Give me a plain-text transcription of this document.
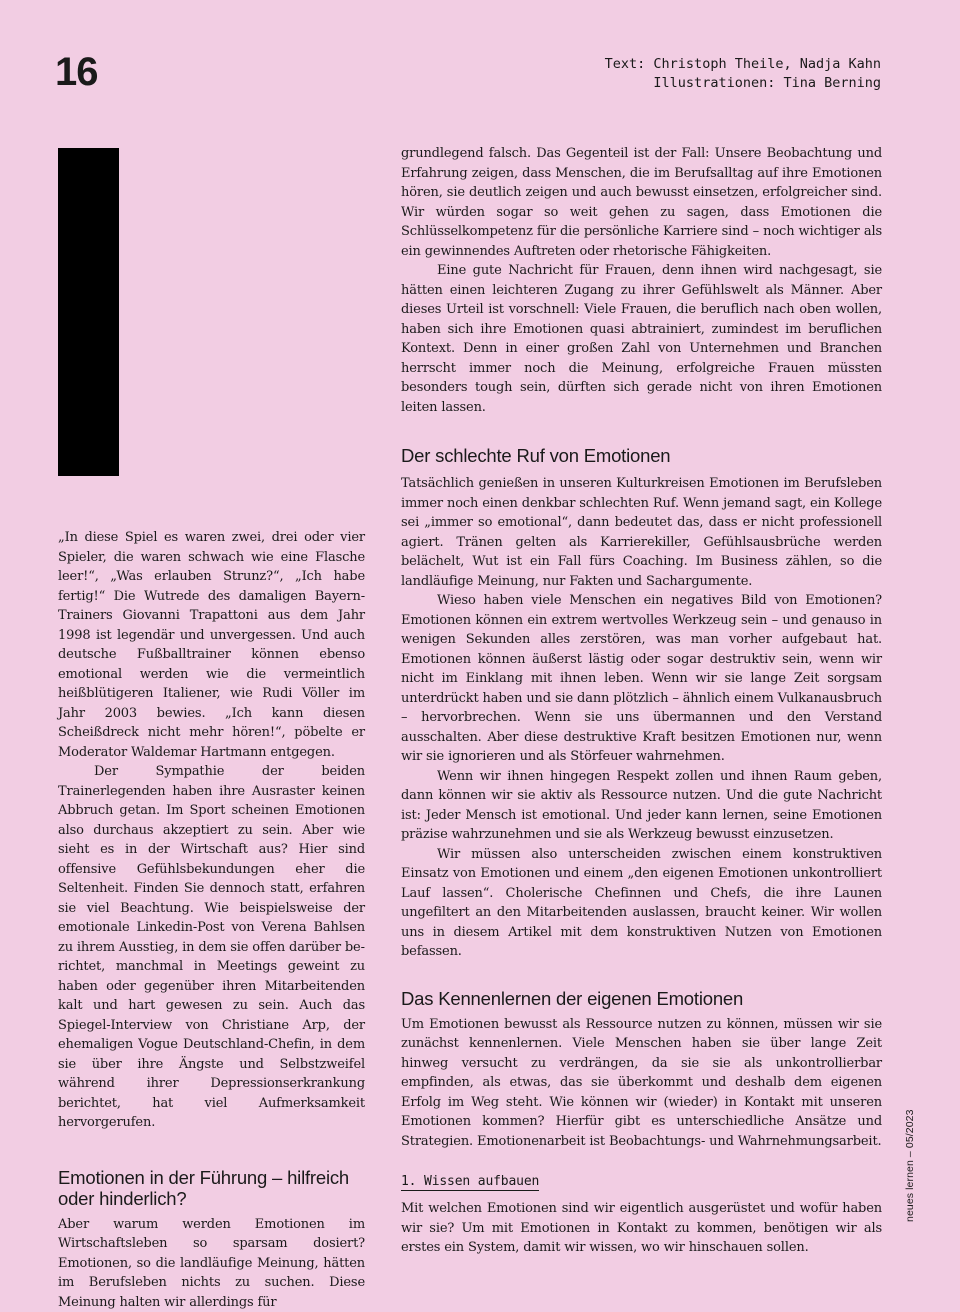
16	Text: Christoph Theile, Nadja Kahn
Illustrationen: Tina Berning

„In diese Spiel es waren zwei, drei oder vier Spieler, die waren schwach wie eine Flasche leer!“, „Was erlauben Strunz?“, „Ich habe fertig!“ Die Wutrede des damaligen Bayern-Trainers Giovanni Trapattoni aus dem Jahr 1998 ist legendär und unvergessen. Und auch deutsche Fußballtrainer können ebenso emotional werden wie die vermeintlich heißblütigeren Italiener, wie Rudi Völler im Jahr 2003 bewies. „Ich kann diesen Scheißdreck nicht mehr hören!“, pöbelte er Moderator Waldemar Hartmann entgegen.

Der Sympathie der beiden Trainerlegenden haben ihre Ausraster keinen Abbruch getan. Im Sport scheinen Emotionen also durchaus akzeptiert zu sein. Aber wie sieht es in der Wirtschaft aus? Hier sind offensive Gefühlsbekundungen eher die Seltenheit. Finden Sie dennoch statt, erfahren sie viel Beachtung. Wie beispielsweise der emotionale Linkedin-Post von Verena Bahlsen zu ihrem Ausstieg, in dem sie offen darüber berichtet, manchmal in Meetings geweint zu haben oder gegenüber ihren Mitarbeitenden kalt und hart gewesen zu sein. Auch das Spiegel-Interview von Christiane Arp, der ehemaligen Vogue Deutschland-Chefin, in dem sie über ihre Ängste und Selbstzweifel während ihrer Depressionserkrankung berichtet, hat viel Aufmerksamkeit hervorgerufen.

Emotionen in der Führung – hilfreich oder hinderlich?

Aber warum werden Emotionen im Wirtschaftsleben so sparsam dosiert? Emotionen, so die landläufige Meinung, hätten im Berufsleben nichts zu suchen. Diese Meinung halten wir allerdings für

grundlegend falsch. Das Gegenteil ist der Fall: Unsere Beobachtung und Erfahrung zeigen, dass Menschen, die im Berufsalltag auf ihre Emotionen hören, sie deutlich zeigen und auch bewusst einsetzen, erfolgreicher sind. Wir würden sogar so weit gehen zu sagen, dass Emotionen die Schlüsselkompetenz für die persönliche Karriere sind – noch wichtiger als ein gewinnendes Auftreten oder rhetorische Fähigkeiten.

Eine gute Nachricht für Frauen, denn ihnen wird nachgesagt, sie hätten einen leichteren Zugang zu ihrer Gefühlswelt als Männer. Aber dieses Urteil ist vorschnell: Viele Frauen, die beruflich nach oben wollen, haben sich ihre Emotionen quasi abtrainiert, zumindest im beruflichen Kontext. Denn in einer großen Zahl von Unternehmen und Branchen herrscht immer noch die Meinung, erfolgreiche Frauen müssten besonders tough sein, dürften sich gerade nicht von ihren Emotionen leiten lassen.

Der schlechte Ruf von Emotionen

Tatsächlich genießen in unseren Kulturkreisen Emotionen im Berufsleben immer noch einen denkbar schlechten Ruf. Wenn jemand sagt, ein Kollege sei „immer so emotional“, dann bedeutet das, dass er nicht professionell agiert. Tränen gelten als Karrierekiller, Gefühlsausbrüche werden belächelt, Wut ist ein Fall fürs Coaching. Im Business zählen, so die landläufige Meinung, nur Fakten und Sachargumente.

Wieso haben viele Menschen ein negatives Bild von Emotionen? Emotionen können ein extrem wertvolles Werkzeug sein – und genauso in wenigen Sekunden alles zerstören, was man vorher aufgebaut hat. Emotionen können äußerst lästig oder sogar destruktiv sein, wenn wir nicht im Einklang mit ihnen leben. Wenn wir sie lange Zeit sorgsam unterdrückt haben und sie dann plötzlich – ähnlich einem Vulkanausbruch – hervorbrechen. Wenn sie uns übermannen und den Verstand ausschalten. Aber diese destruktive Kraft besitzen Emotionen nur, wenn wir sie ignorieren und als Störfeuer wahrnehmen.

Wenn wir ihnen hingegen Respekt zollen und ihnen Raum geben, dann können wir sie aktiv als Ressource nutzen. Und die gute Nachricht ist: Jeder Mensch ist emotional. Und jeder kann lernen, seine Emotionen präzise wahrzunehmen und sie als Werkzeug bewusst einzusetzen.

Wir müssen also unterscheiden zwischen einem konstruktiven Einsatz von Emotionen und einem „den eigenen Emotionen unkontrolliert Lauf lassen“. Cholerische Chefinnen und Chefs, die ihre Launen ungefiltert an den Mitarbeitenden auslassen, braucht keiner. Wir wollen uns in diesem Artikel mit dem konstruktiven Nutzen von Emotionen befassen.

Das Kennenlernen der eigenen Emotionen

Um Emotionen bewusst als Ressource nutzen zu können, müssen wir sie zunächst kennenlernen. Viele Menschen haben sie über lange Zeit hinweg versucht zu verdrängen, da sie sie als unkontrollierbar empfinden, als etwas, das sie überkommt und deshalb dem eigenen Erfolg im Weg steht. Wie können wir (wieder) in Kontakt mit unseren Emotionen kommen? Hierfür gibt es unterschiedliche Ansätze und Strategien. Emotionenarbeit ist Beobachtungs- und Wahrnehmungsarbeit.

1. Wissen aufbauen

Mit welchen Emotionen sind wir eigentlich ausgerüstet und wofür haben wir sie? Um mit Emotionen in Kontakt zu kommen, benötigen wir als erstes ein System, damit wir wissen, wo wir hinschauen sollen.

neues lernen – 05/2023
